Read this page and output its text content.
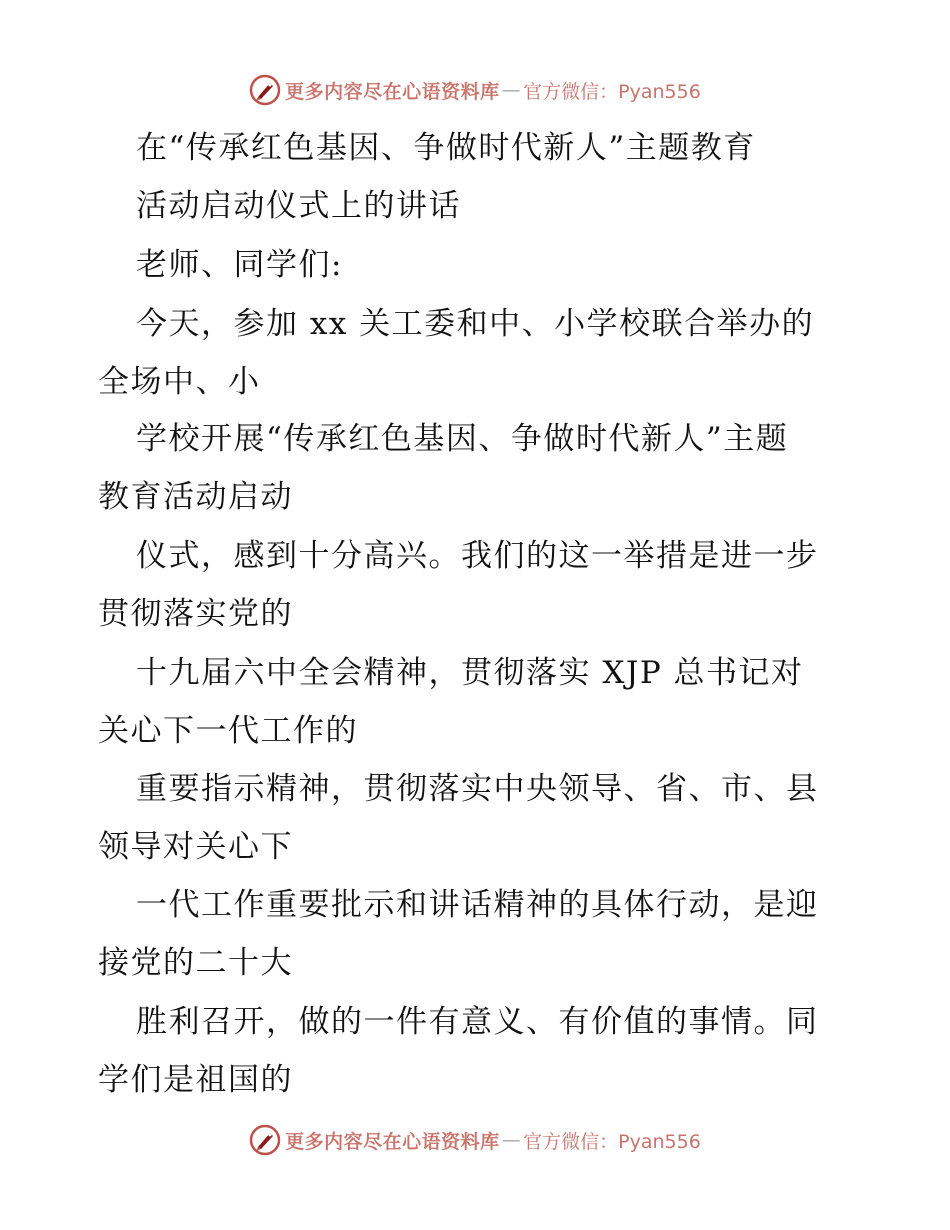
更多内容尽在心语资料库 — 官方微信：Pyan556
在“传承红色基因、争做时代新人”主题教育
活动启动仪式上的讲话
老师、同学们:
今天，参加 xx 关工委和中、小学校联合举办的
全场中、小
学校开展“传承红色基因、争做时代新人”主题
教育活动启动
仪式，感到十分高兴。我们的这一举措是进一步
贯彻落实党的
十九届六中全会精神，贯彻落实 XJP 总书记对
关心下一代工作的
重要指示精神，贯彻落实中央领导、省、市、县
领导对关心下
一代工作重要批示和讲话精神的具体行动，是迎
接党的二十大
胜利召开，做的一件有意义、有价值的事情。同
学们是祖国的
更多内容尽在心语资料库 — 官方微信：Pyan556
